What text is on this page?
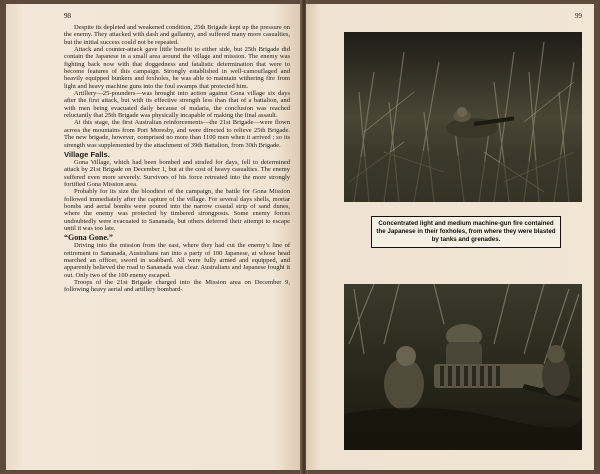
98

Despite its depleted and weakened condition, 25th Brigade kept up the pressure on the enemy. They attacked with dash and gallantry, and suffered many more casualties, but the initial success could not be repeated.

Attack and counter-attack gave little benefit to either side, but 25th Brigade did contain the Japanese in a small area around the village and mission. The enemy was fighting back now with that doggedness and fatalistic determination that were to become features of this campaign. Strongly established in well-camouflaged and heavily equipped bunkers and foxholes, he was able to maintain withering fire from light and heavy machine guns into the foul swamps that protected him.

Artillery—25-pounders—was brought into action against Gona village six days after the first attack, but with its effective strength less than that of a battalion, and with men being evacuated daily because of malaria, the conclusion was reached reluctantly that 25th Brigade was physically incapable of making the final assault.

At this stage, the first Australian reinforcements—the 21st Brigade—were flown across the mountains from Port Moresby, and were directed to relieve 25th Brigade. The new brigade, however, comprised no more than 1100 men when it arrived ; so its strength was supplemented by the attachment of 39th Battalion, from 30th Brigade.

Village Falls.

Gona Village, which had been bombed and strafed for days, fell to determined attack by 21st Brigade on December 1, but at the cost of heavy casualties. The enemy suffered even more severely. Survivors of his force retreated into the more strongly fortified Gona Mission area.

Probably for its size the bloodiest of the campaign, the battle for Gona Mission followed immediately after the capture of the village. For several days shells, mortar bombs and aerial bombs were poured into the narrow coastal strip of sand dunes, where the enemy was protected by timbered strongposts. Some enemy forces undoubtedly were evacuated to Sananada, but others deferred their attempt to escape until it was too late.

“Gona Gone.”

Driving into the mission from the east, where they had cut the enemy’s line of retirement to Sananada, Australians ran into a party of 100 Japanese, at whose head marched an officer, sword in scabbard. All were fully armed and equipped, and apparently believed the road to Sananada was clear. Australians and Japanese fought it out. Only two of the 100 enemy escaped.

Troops of the 21st Brigade charged into the Mission area on December 9, following heavy aerial and artillery bombard-

99
Concentrated light and medium machine-gun fire contained the Japanese in their foxholes, from where they were blasted by tanks and grenades.
